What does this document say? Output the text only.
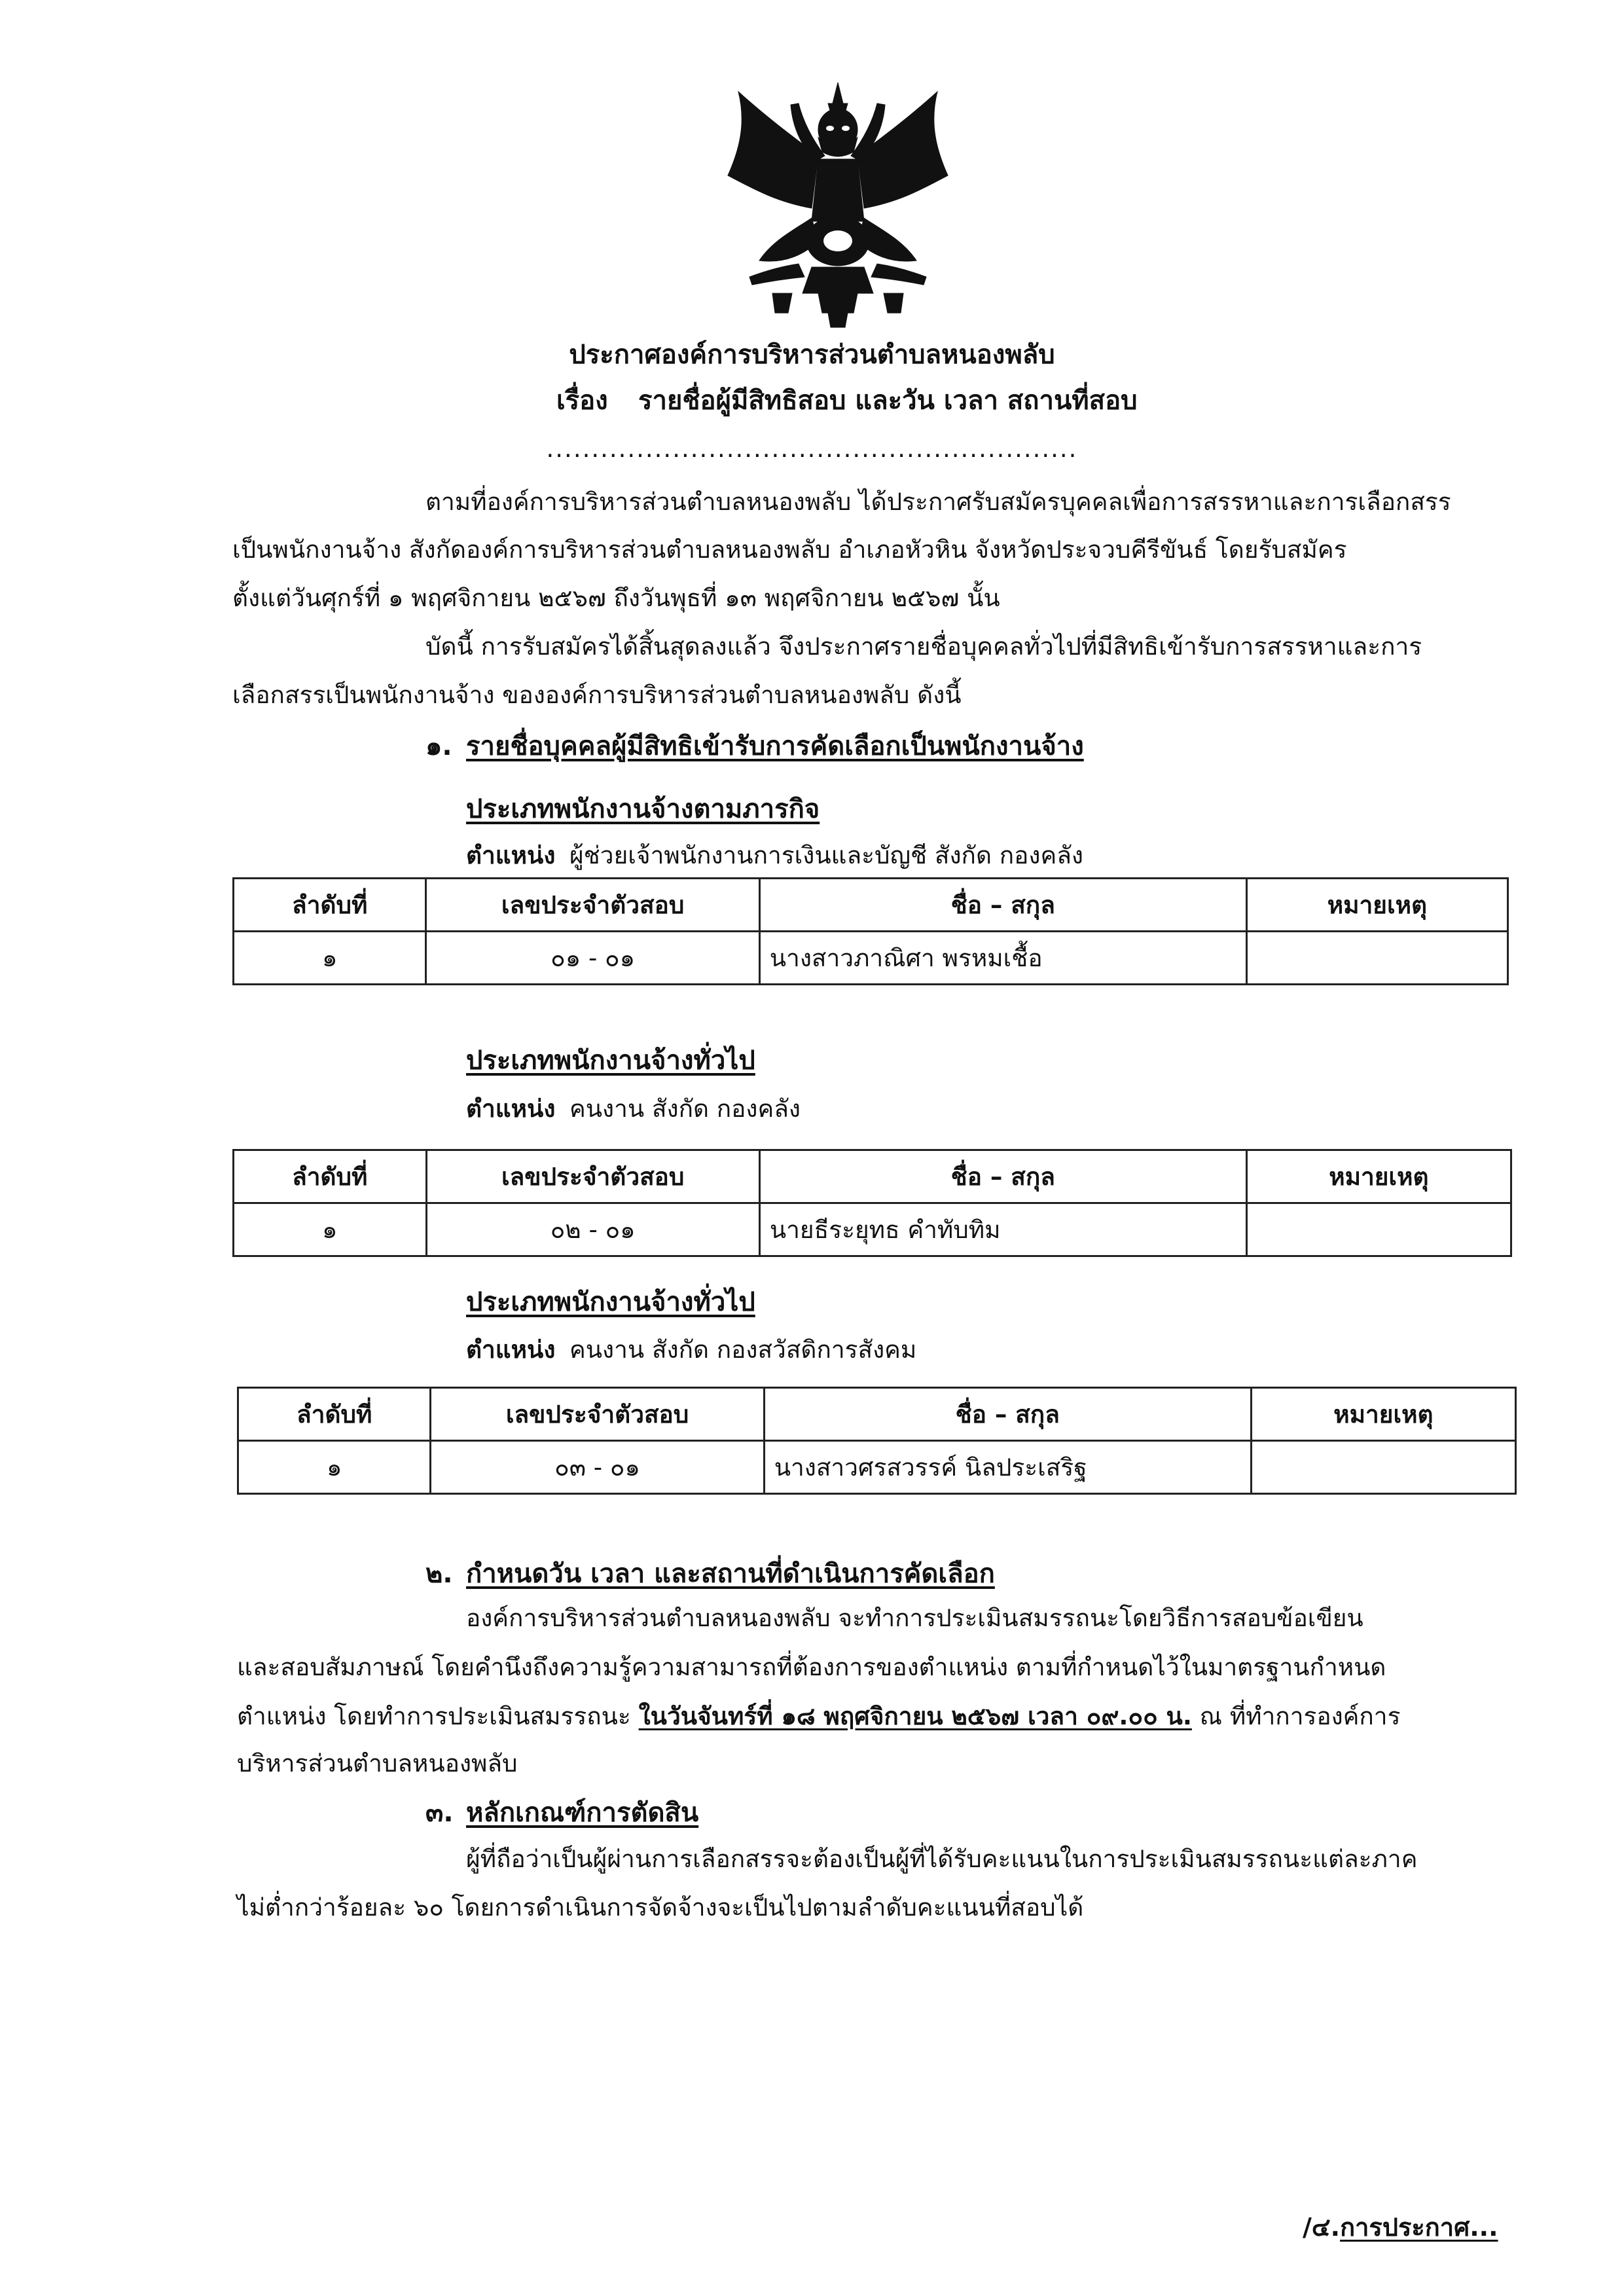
ประกาศองค์การบริหารส่วนตำบลหนองพลับ
เรื่อง รายชื่อผู้มีสิทธิสอบ และวัน เวลา สถานที่สอบ
...........................................................
ตามที่องค์การบริหารส่วนตำบลหนองพลับ ได้ประกาศรับสมัครบุคคลเพื่อการสรรหาและการเลือกสรร
เป็นพนักงานจ้าง สังกัดองค์การบริหารส่วนตำบลหนองพลับ อำเภอหัวหิน จังหวัดประจวบคีรีขันธ์ โดยรับสมัคร
ตั้งแต่วันศุกร์ที่ ๑ พฤศจิกายน ๒๕๖๗ ถึงวันพุธที่ ๑๓ พฤศจิกายน ๒๕๖๗ นั้น
บัดนี้ การรับสมัครได้สิ้นสุดลงแล้ว จึงประกาศรายชื่อบุคคลทั่วไปที่มีสิทธิเข้ารับการสรรหาและการ
เลือกสรรเป็นพนักงานจ้าง ขององค์การบริหารส่วนตำบลหนองพลับ ดังนี้
๑. รายชื่อบุคคลผู้มีสิทธิเข้ารับการคัดเลือกเป็นพนักงานจ้าง
ประเภทพนักงานจ้างตามภารกิจ
ตำแหน่ง ผู้ช่วยเจ้าพนักงานการเงินและบัญชี สังกัด กองคลัง
ลำดับที่	เลขประจำตัวสอบ	ชื่อ – สกุล	หมายเหตุ
๑	๐๑ - ๐๑	นางสาวภาณิศา พรหมเชื้อ	
ประเภทพนักงานจ้างทั่วไป
ตำแหน่ง คนงาน สังกัด กองคลัง
ลำดับที่	เลขประจำตัวสอบ	ชื่อ – สกุล	หมายเหตุ
๑	๐๒ - ๐๑	นายธีระยุทธ คำทับทิม	
ประเภทพนักงานจ้างทั่วไป
ตำแหน่ง คนงาน สังกัด กองสวัสดิการสังคม
ลำดับที่	เลขประจำตัวสอบ	ชื่อ – สกุล	หมายเหตุ
๑	๐๓ - ๐๑	นางสาวศรสวรรค์ นิลประเสริฐ	
๒. กำหนดวัน เวลา และสถานที่ดำเนินการคัดเลือก
องค์การบริหารส่วนตำบลหนองพลับ จะทำการประเมินสมรรถนะโดยวิธีการสอบข้อเขียน
และสอบสัมภาษณ์ โดยคำนึงถึงความรู้ความสามารถที่ต้องการของตำแหน่ง ตามที่กำหนดไว้ในมาตรฐานกำหนด
ตำแหน่ง โดยทำการประเมินสมรรถนะ ในวันจันทร์ที่ ๑๘ พฤศจิกายน ๒๕๖๗ เวลา ๐๙.๐๐ น. ณ ที่ทำการองค์การ
บริหารส่วนตำบลหนองพลับ
๓. หลักเกณฑ์การตัดสิน
ผู้ที่ถือว่าเป็นผู้ผ่านการเลือกสรรจะต้องเป็นผู้ที่ได้รับคะแนนในการประเมินสมรรถนะแต่ละภาค
ไม่ต่ำกว่าร้อยละ ๖๐ โดยการดำเนินการจัดจ้างจะเป็นไปตามลำดับคะแนนที่สอบได้
/๔.การประกาศ...
